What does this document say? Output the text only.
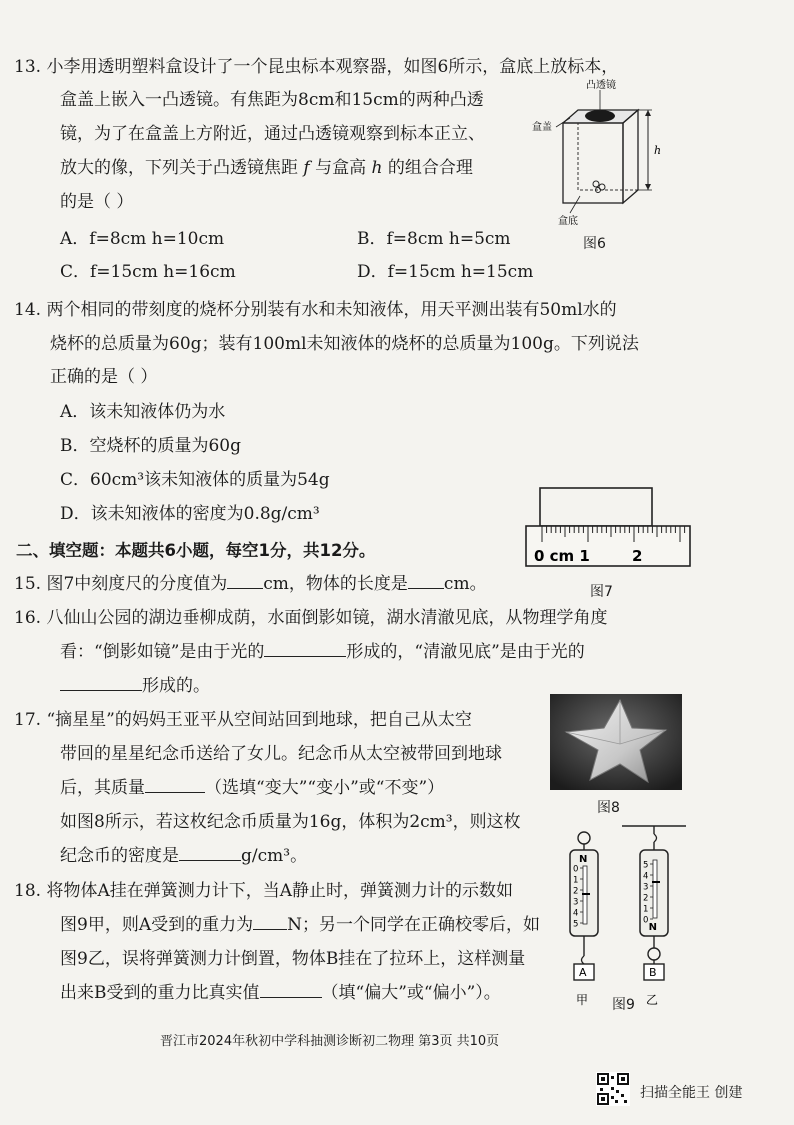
13. 小李用透明塑料盒设计了一个昆虫标本观察器，如图6所示，盒底上放标本，
盒盖上嵌入一凸透镜。有焦距为8cm和15cm的两种凸透
镜，为了在盒盖上方附近，通过凸透镜观察到标本正立、
放大的像，下列关于凸透镜焦距 f 与盒高 h 的组合合理
的是（ ）
A．f=8cm h=10cm	B．f=8cm h=5cm
C．f=15cm h=16cm	D．f=15cm h=15cm
凸透镜
盒盖
h
盒底
图6
14. 两个相同的带刻度的烧杯分别装有水和未知液体，用天平测出装有50ml水的
烧杯的总质量为60g；装有100ml未知液体的烧杯的总质量为100g。下列说法
正确的是（ ）
A．该未知液体仍为水
B．空烧杯的质量为60g
C．60cm³该未知液体的质量为54g
D．该未知液体的密度为0.8g/cm³
二、填空题：本题共6小题，每空1分，共12分。	0 cm 1	2
图7
15. 图7中刻度尺的分度值为 cm，物体的长度是 cm。
16. 八仙山公园的湖边垂柳成荫，水面倒影如镜，湖水清澈见底，从物理学角度
看：“倒影如镜”是由于光的	形成的，“清澈见底”是由于光的
形成的。
17. “摘星星”的妈妈王亚平从空间站回到地球，把自己从太空
带回的星星纪念币送给了女儿。纪念币从太空被带回到地球
后，其质量	（选填“变大”“变小”或“不变”）
如图8所示，若这枚纪念币质量为16g，体积为2cm³，则这枚
纪念币的密度是	g/cm³。
图8
18. 将物体A挂在弹簧测力计下，当A静止时，弹簧测力计的示数如
图9甲，则A受到的重力为 N；另一个同学在正确校零后，如
图9乙，误将弹簧测力计倒置，物体B挂在了拉环上，这样测量
出来B受到的重力比真实值	（填“偏大”或“偏小”）。
N
0
1
2
3
4
5
A
甲
5
4
3
2
1
0 N
B
乙
图9
晋江市2024年秋初中学科抽测诊断初二物理 第3页 共10页
扫描全能王 创建
